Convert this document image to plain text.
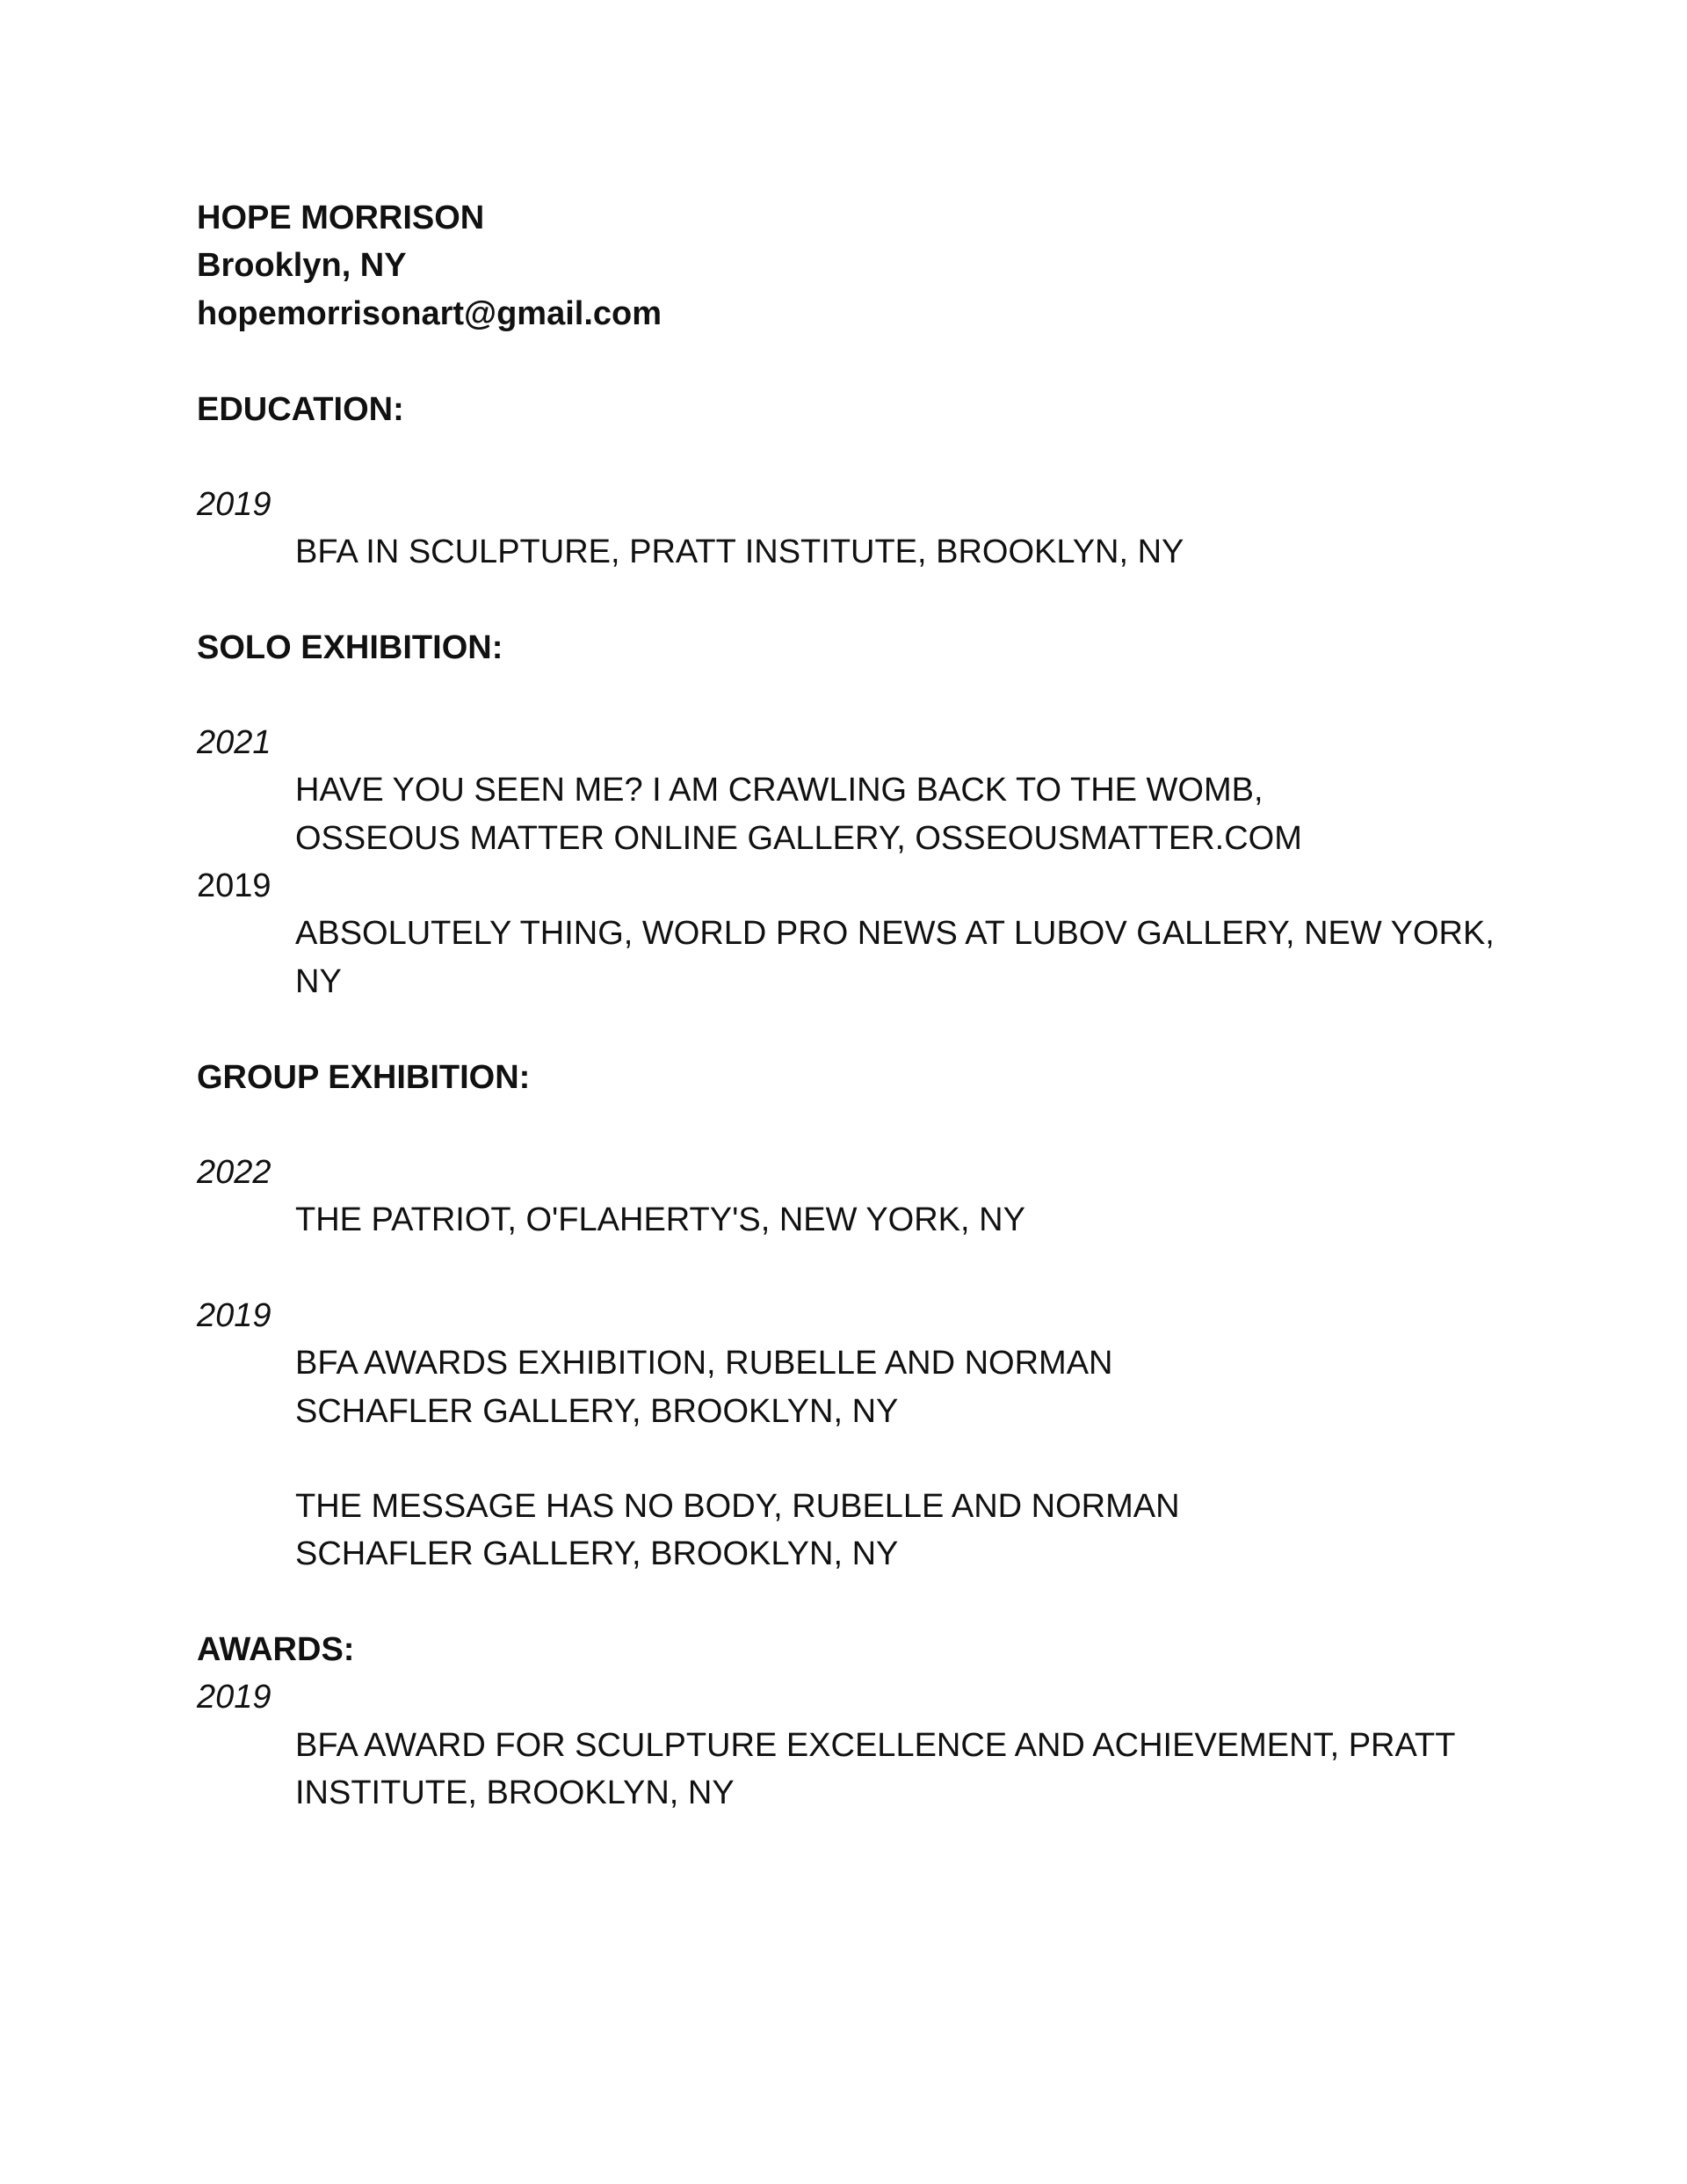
HOPE MORRISON
Brooklyn, NY
hopemorrisonart@gmail.com
EDUCATION:
2019
BFA IN SCULPTURE, PRATT INSTITUTE, BROOKLYN, NY
SOLO EXHIBITION:
2021
HAVE YOU SEEN ME? I AM CRAWLING BACK TO THE WOMB,
OSSEOUS MATTER ONLINE GALLERY, OSSEOUSMATTER.COM
2019
ABSOLUTELY THING, WORLD PRO NEWS AT LUBOV GALLERY, NEW YORK,
NY
GROUP EXHIBITION:
2022
THE PATRIOT, O'FLAHERTY'S, NEW YORK, NY
2019
BFA AWARDS EXHIBITION, RUBELLE AND NORMAN
SCHAFLER GALLERY, BROOKLYN, NY
THE MESSAGE HAS NO BODY, RUBELLE AND NORMAN
SCHAFLER GALLERY, BROOKLYN, NY
AWARDS:
2019
BFA AWARD FOR SCULPTURE EXCELLENCE AND ACHIEVEMENT, PRATT
INSTITUTE, BROOKLYN, NY
